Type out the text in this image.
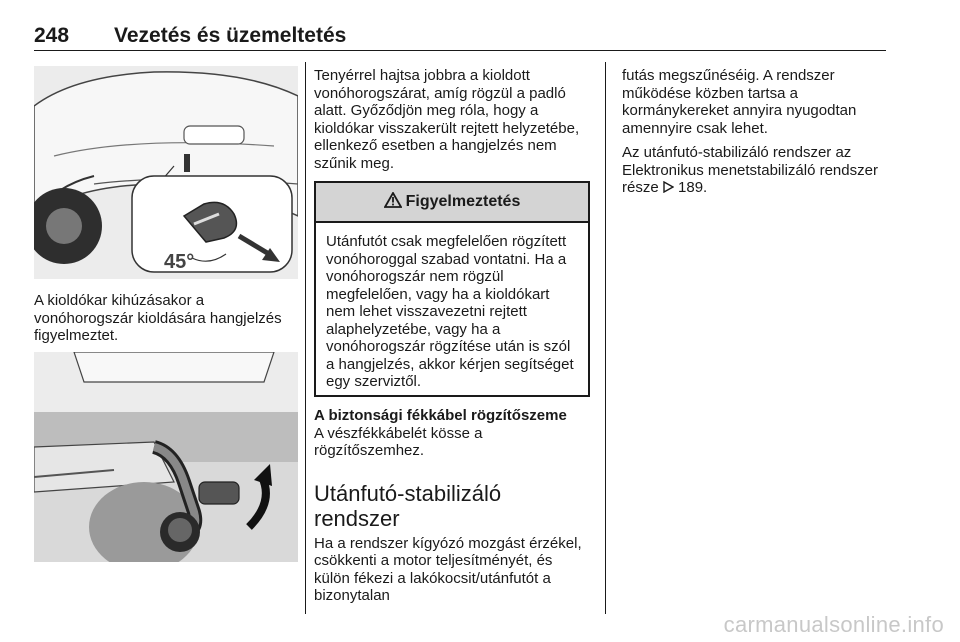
248 Vezetés és üzemeltetés
45°

A kioldókar kihúzásakor a vonóhorogszár kioldására hangjelzés figyelmeztet.

Tenyérrel hajtsa jobbra a kioldott vonóhorogszárat, amíg rögzül a padló alatt. Győződjön meg róla, hogy a kioldókar visszakerült rejtett helyzetébe, ellenkező esetben a hangjelzés nem szűnik meg.

Figyelmeztetés
Utánfutót csak megfelelően rögzített vonóhoroggal szabad vontatni. Ha a vonóhorogszár nem rögzül megfelelően, vagy ha a kioldókart nem lehet visszavezetni rejtett alaphelyzetébe, vagy ha a vonóhorogszár rögzítése után is szól a hangjelzés, akkor kérjen segítséget egy szerviztől.
A biztonsági fékkábel rögzítőszeme

A vészfékkábelét kösse a rögzítőszemhez.

Utánfutó-stabilizáló
rendszer

Ha a rendszer kígyózó mozgást érzékel, csökkenti a motor teljesítményét, és külön fékezi a lakókocsit/utánfutót a bizonytalan

futás megszűnéséig. A rendszer működése közben tartsa a kormánykereket annyira nyugodtan amennyire csak lehet.

Az utánfutó-stabilizáló rendszer az Elektronikus menetstabilizáló rendszer része 189.

carmanualsonline.info
